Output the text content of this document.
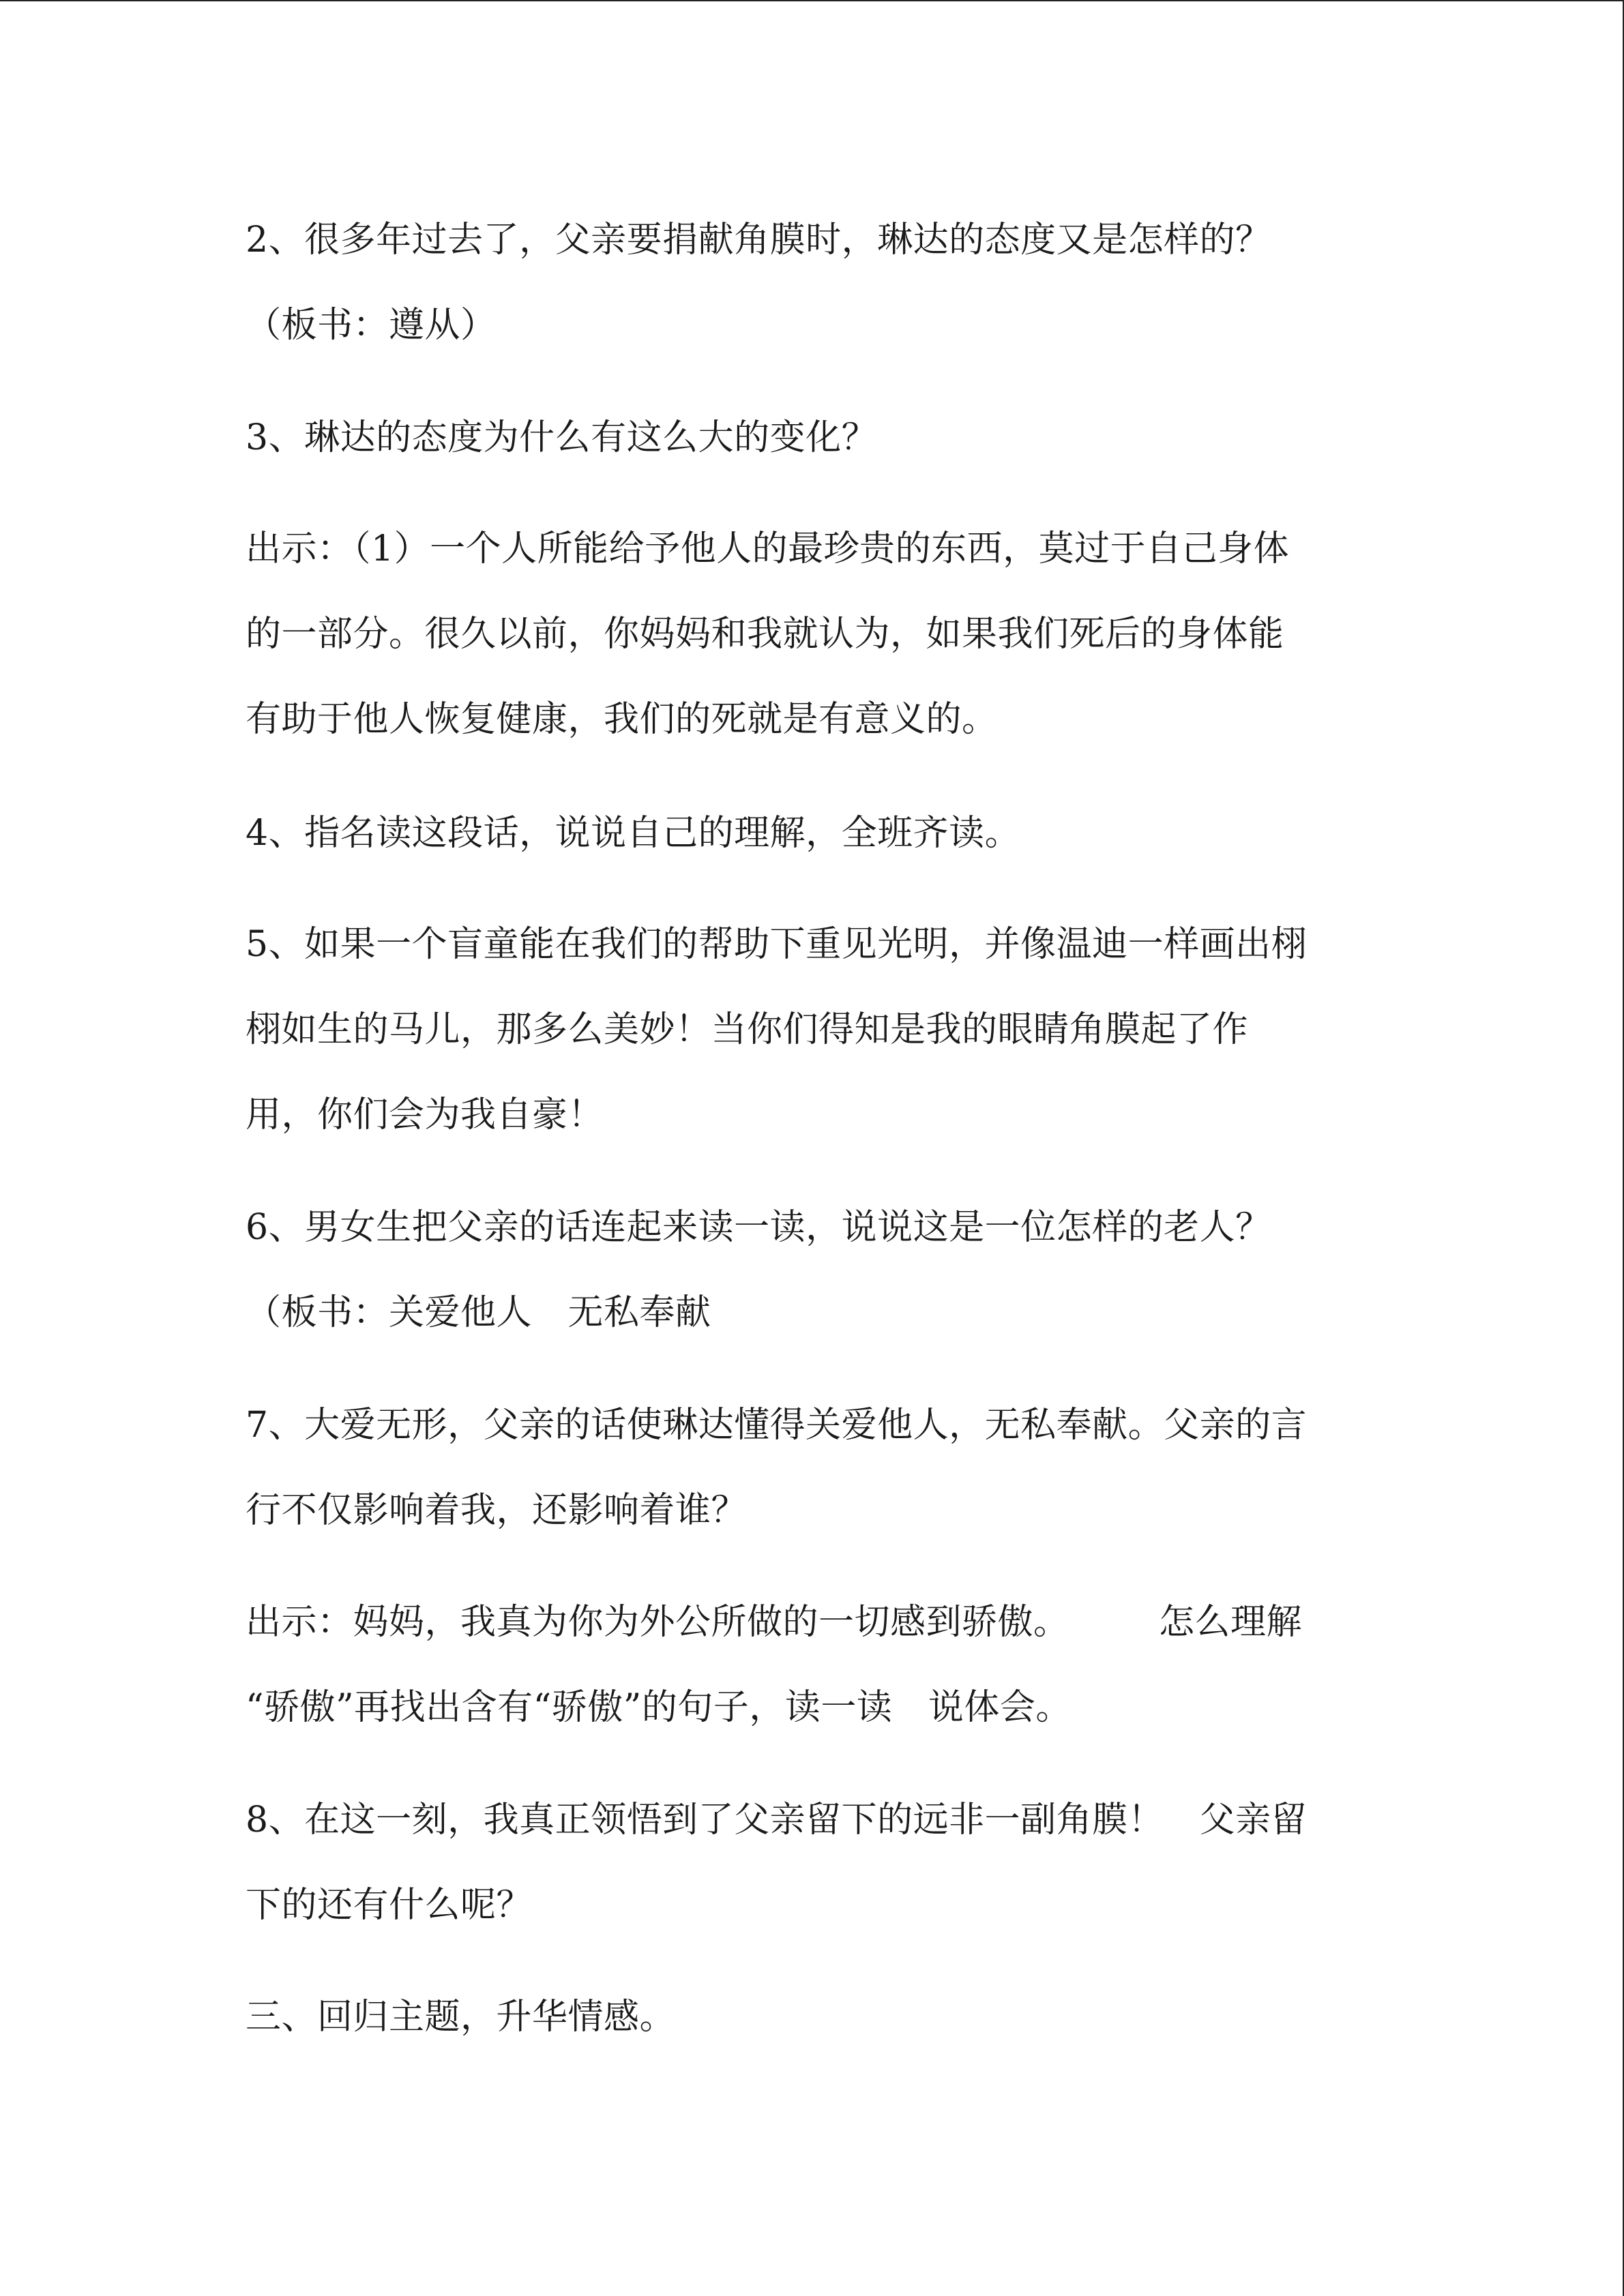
2、很多年过去了，父亲要捐献角膜时，琳达的态度又是怎样的？
（板书：遵从）
3、琳达的态度为什么有这么大的变化？
出示：（1）一个人所能给予他人的最珍贵的东西，莫过于自己身体
的一部分。很久以前，你妈妈和我就认为，如果我们死后的身体能
有助于他人恢复健康，我们的死就是有意义的。
4、指名读这段话，说说自己的理解，全班齐读。
5、如果一个盲童能在我们的帮助下重见光明，并像温迪一样画出栩
栩如生的马儿，那多么美妙！当你们得知是我的眼睛角膜起了作
用，你们会为我自豪！
6、男女生把父亲的话连起来读一读，说说这是一位怎样的老人？
（板书：关爱他人　无私奉献
7、大爱无形，父亲的话使琳达懂得关爱他人，无私奉献。父亲的言
行不仅影响着我，还影响着谁？
出示：妈妈，我真为你为外公所做的一切感到骄傲。　　　怎么理解
“骄傲”再找出含有“骄傲”的句子，读一读　说体会。
8、在这一刻，我真正领悟到了父亲留下的远非一副角膜！　父亲留
下的还有什么呢？
三、回归主题，升华情感。
